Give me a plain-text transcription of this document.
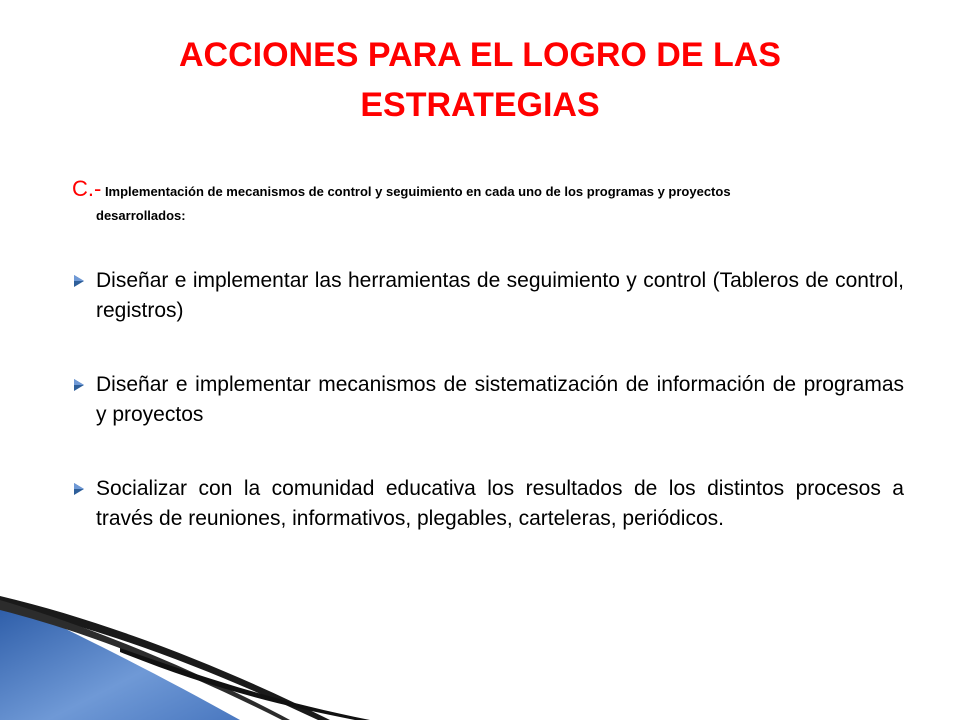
ACCIONES PARA EL LOGRO DE LAS
ESTRATEGIAS
C.- Implementación de mecanismos de control y seguimiento en cada uno de los programas y proyectos
desarrollados:
Diseñar e implementar las herramientas de seguimiento y control (Tableros de control, registros)
Diseñar e implementar mecanismos de sistematización de información de programas y proyectos
Socializar con la comunidad educativa los resultados de los distintos procesos a través de reuniones, informativos, plegables, carteleras, periódicos.
